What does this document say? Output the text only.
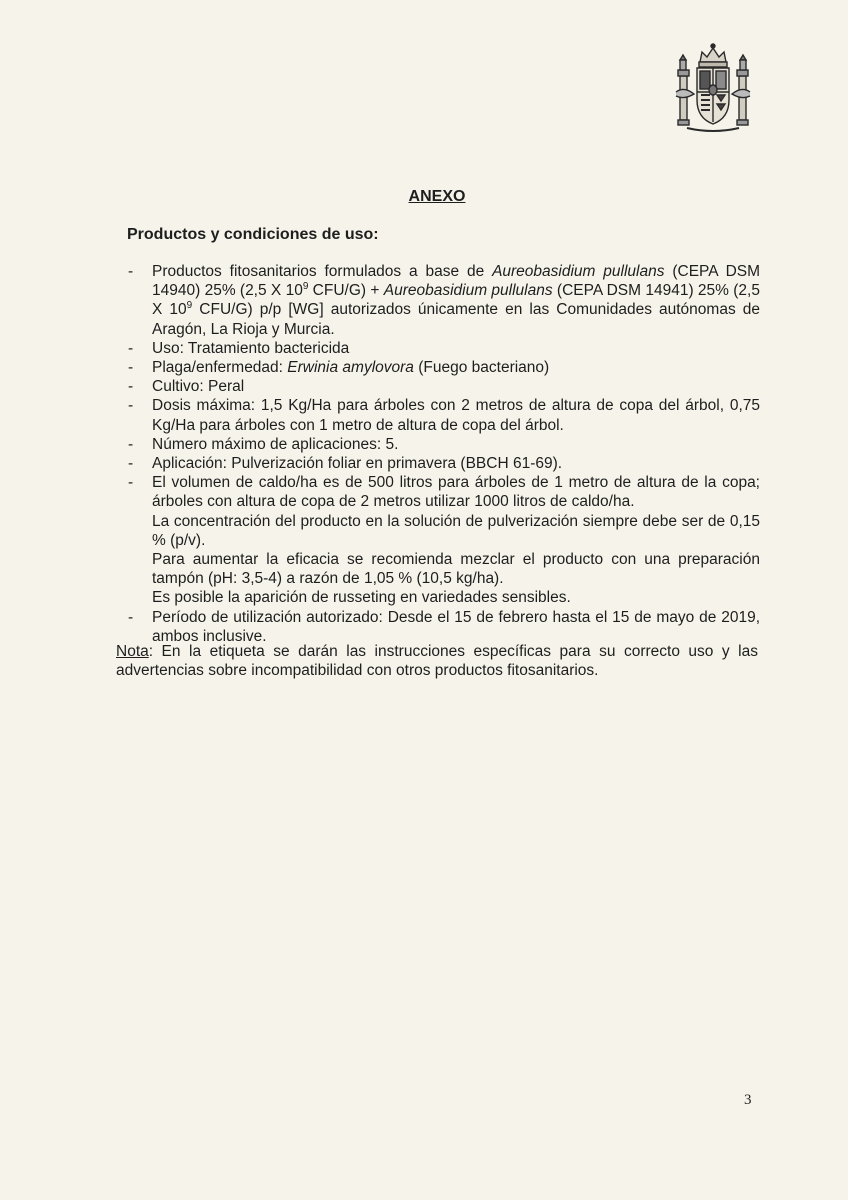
ANEXO
Productos y condiciones de uso:
- Productos fitosanitarios formulados a base de Aureobasidium pullulans (CEPA DSM 14940) 25% (2,5 X $10^9$ CFU/G) + Aureobasidium pullulans (CEPA DSM 14941) 25% (2,5 X $10^9$ CFU/G) p/p [WG] autorizados únicamente en las Comunidades autónomas de Aragón, La Rioja y Murcia.
- Uso: Tratamiento bactericida
- Plaga/enfermedad: Erwinia amylovora (Fuego bacteriano)
- Cultivo: Peral
- Dosis máxima: 1,5 Kg/Ha para árboles con 2 metros de altura de copa del árbol, 0,75 Kg/Ha para árboles con 1 metro de altura de copa del árbol.
- Número máximo de aplicaciones: 5.
- Aplicación: Pulverización foliar en primavera (BBCH 61-69).
- El volumen de caldo/ha es de 500 litros para árboles de 1 metro de altura de la copa; árboles con altura de copa de 2 metros utilizar 1000 litros de caldo/ha.
La concentración del producto en la solución de pulverización siempre debe ser de 0,15 % (p/v).
Para aumentar la eficacia se recomienda mezclar el producto con una preparación tampón (pH: 3,5-4) a razón de 1,05 % (10,5 kg/ha).
Es posible la aparición de russeting en variedades sensibles.
- Período de utilización autorizado: Desde el 15 de febrero hasta el 15 de mayo de 2019, ambos inclusive.

Nota: En la etiqueta se darán las instrucciones específicas para su correcto uso y las advertencias sobre incompatibilidad con otros productos fitosanitarios.

3
